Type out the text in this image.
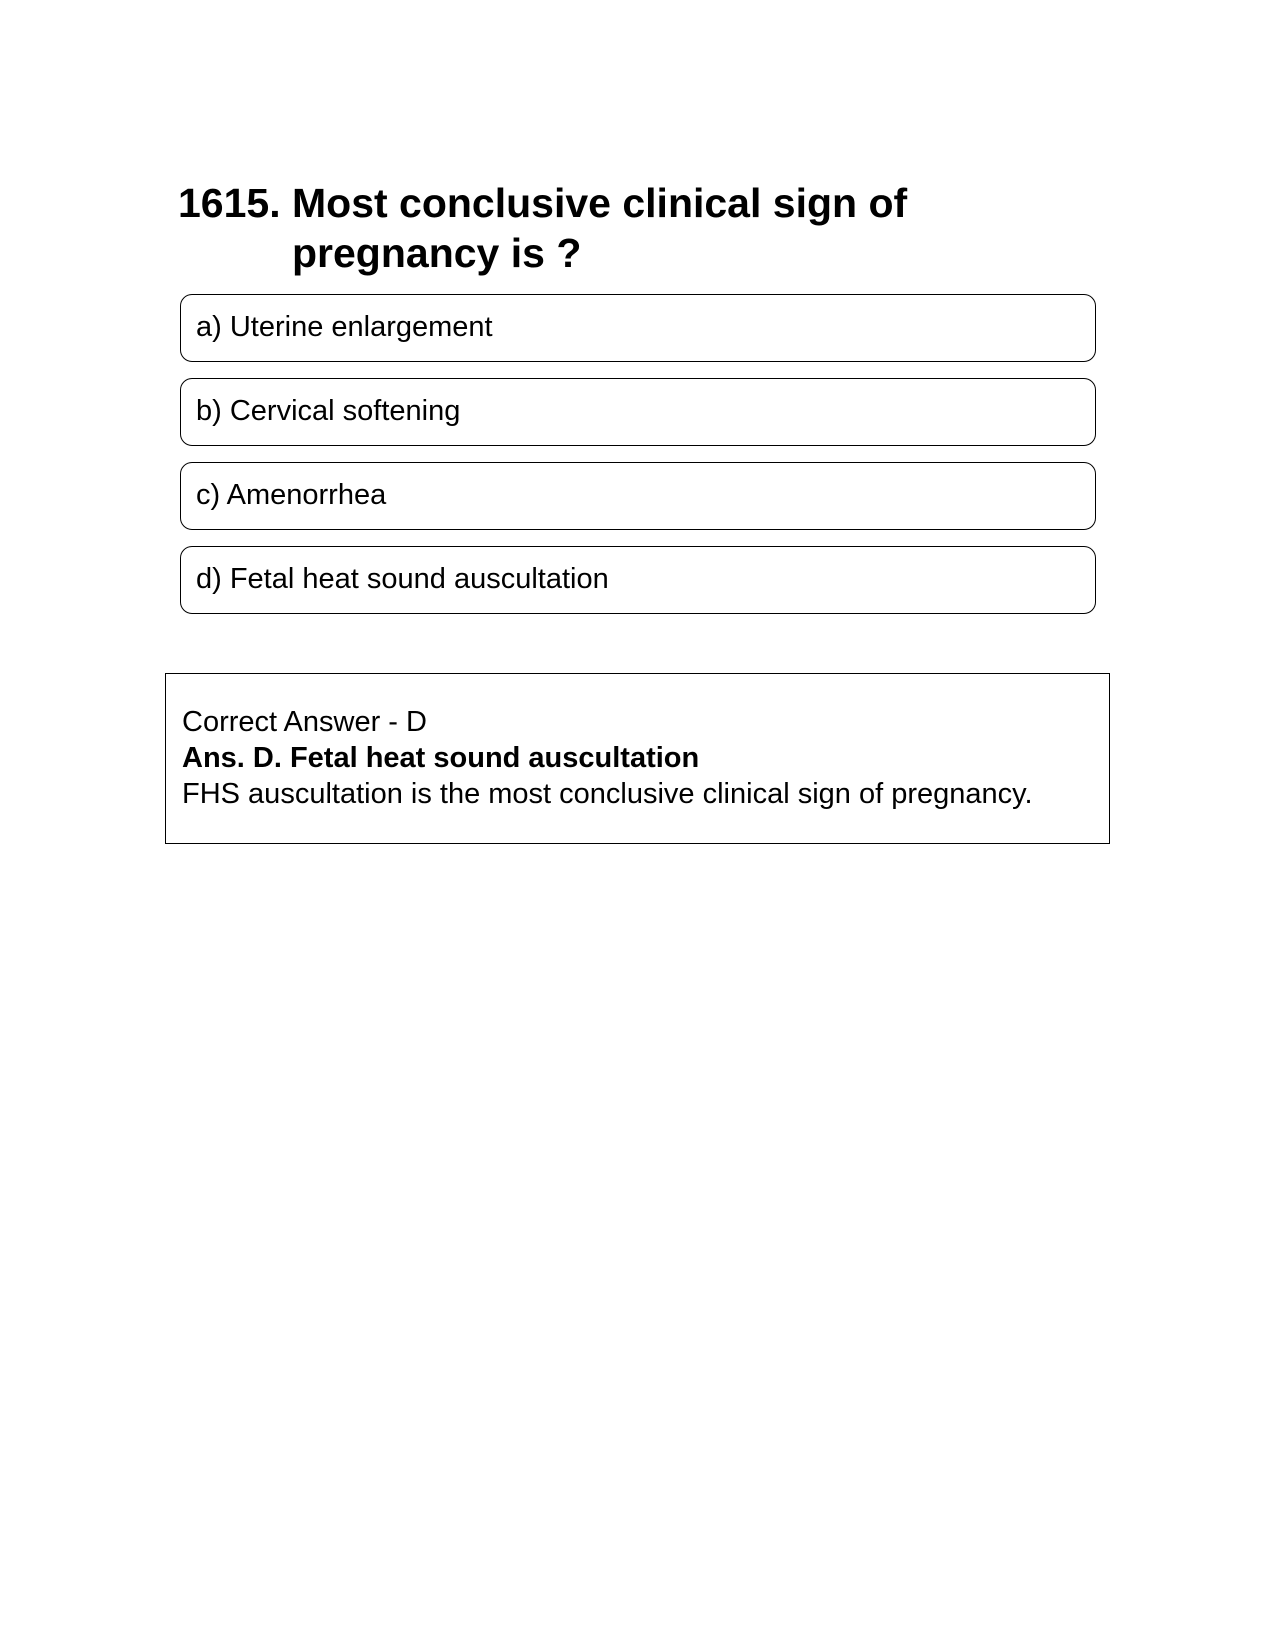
1615. Most conclusive clinical sign of pregnancy is ?
a) Uterine enlargement
b) Cervical softening
c) Amenorrhea
d) Fetal heat sound auscultation
Correct Answer - D
Ans. D. Fetal heat sound auscultation
FHS auscultation is the most conclusive clinical sign of pregnancy.
